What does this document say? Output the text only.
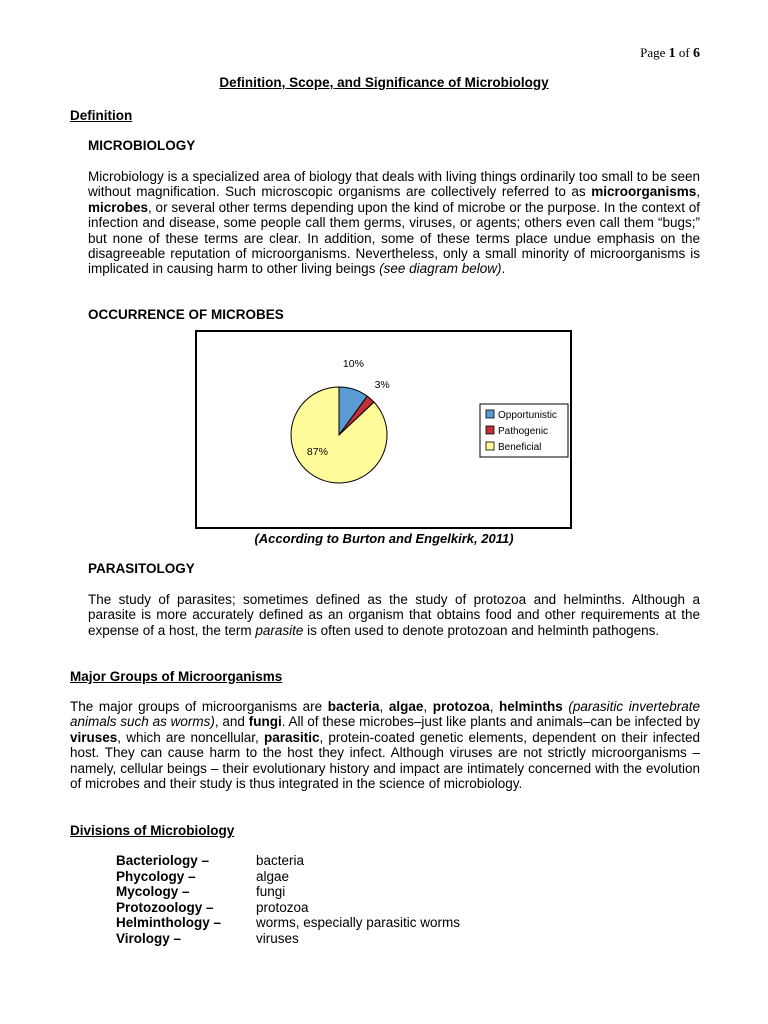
Page 1 of 6
Definition, Scope, and Significance of Microbiology
Definition
MICROBIOLOGY
Microbiology is a specialized area of biology that deals with living things ordinarily too small to be seen without magnification. Such microscopic organisms are collectively referred to as microorganisms, microbes, or several other terms depending upon the kind of microbe or the purpose. In the context of infection and disease, some people call them germs, viruses, or agents; others even call them “bugs;” but none of these terms are clear. In addition, some of these terms place undue emphasis on the disagreeable reputation of microorganisms. Nevertheless, only a small minority of microorganisms is implicated in causing harm to other living beings (see diagram below).
OCCURRENCE OF MICROBES
10%
3%
87%
Opportunistic
Pathogenic
Beneficial
(According to Burton and Engelkirk, 2011)
PARASITOLOGY
The study of parasites; sometimes defined as the study of protozoa and helminths. Although a parasite is more accurately defined as an organism that obtains food and other requirements at the expense of a host, the term parasite is often used to denote protozoan and helminth pathogens.
Major Groups of Microorganisms
The major groups of microorganisms are bacteria, algae, protozoa, helminths (parasitic invertebrate animals such as worms), and fungi. All of these microbes–just like plants and animals–can be infected by viruses, which are noncellular, parasitic, protein-coated genetic elements, dependent on their infected host. They can cause harm to the host they infect. Although viruses are not strictly microorganisms – namely, cellular beings – their evolutionary history and impact are intimately concerned with the evolution of microbes and their study is thus integrated in the science of microbiology.
Divisions of Microbiology
Bacteriology –	bacteria
Phycology –	algae
Mycology –	fungi
Protozoology –	protozoa
Helminthology –	worms, especially parasitic worms
Virology –	viruses
